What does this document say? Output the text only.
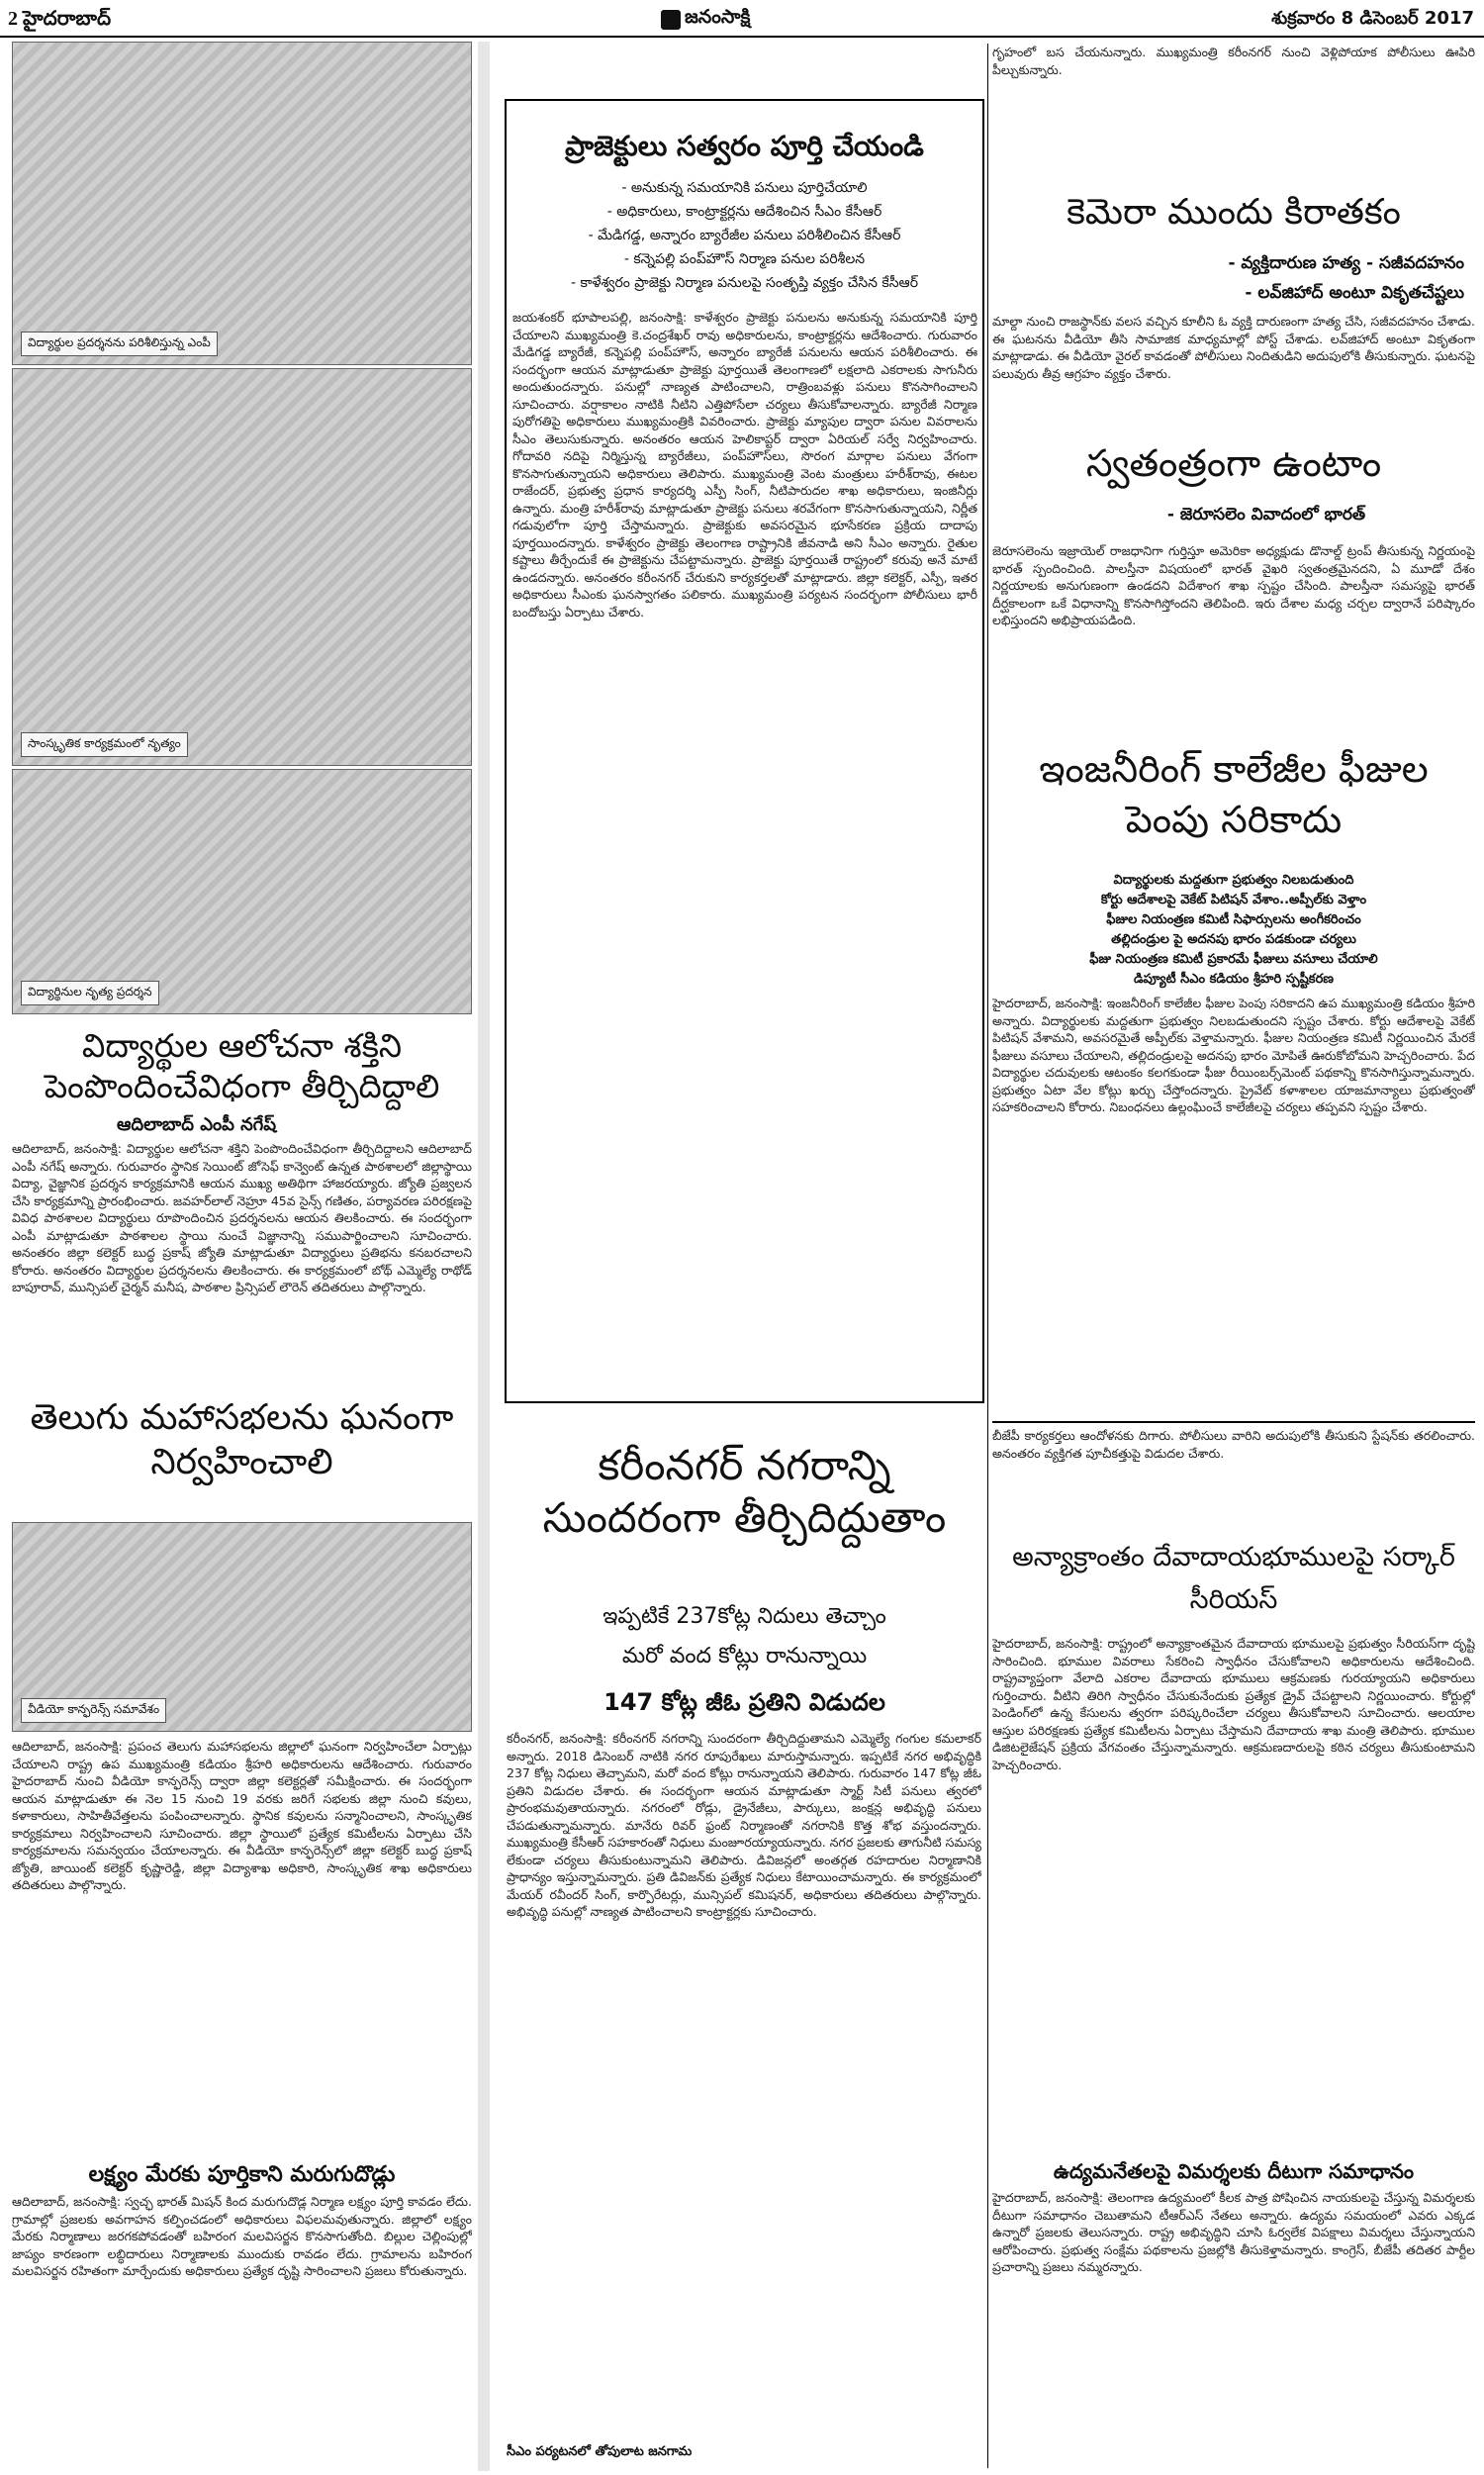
2 హైదరాబాద్	జనంసాక్షి	శుక్రవారం 8 డిసెంబర్ 2017
విద్యార్థుల ప్రదర్శనను పరిశీలిస్తున్న ఎంపీ
సాంస్కృతిక కార్యక్రమంలో నృత్యం
విద్యార్థినుల నృత్య ప్రదర్శన
విద్యార్థుల ఆలోచనా శక్తిని పెంపొందించేవిధంగా తీర్చిదిద్దాలి
ఆదిలాబాద్ ఎంపీ నగేష్
ఆదిలాబాద్, జనంసాక్షి: విద్యార్థుల ఆలోచనా శక్తిని పెంపొందించేవిధంగా తీర్చిదిద్దాలని ఆదిలాబాద్ ఎంపీ నగేష్ అన్నారు. గురువారం స్థానిక సెయింట్ జోసెఫ్ కాన్వెంట్ ఉన్నత పాఠశాలలో జిల్లాస్థాయి విద్యా, వైజ్ఞానిక ప్రదర్శన కార్యక్రమానికి ఆయన ముఖ్య అతిథిగా హాజరయ్యారు. జ్యోతి ప్రజ్వలన చేసి కార్యక్రమాన్ని ప్రారంభించారు. జవహర్‌లాల్ నెహ్రూ 45వ సైన్స్ గణితం, పర్యావరణ పరిరక్షణపై వివిధ పాఠశాలల విద్యార్థులు రూపొందించిన ప్రదర్శనలను ఆయన తిలకించారు. ఈ సందర్భంగా ఎంపీ మాట్లాడుతూ పాఠశాలల స్థాయి నుంచే విజ్ఞానాన్ని సముపార్జించాలని సూచించారు. అనంతరం జిల్లా కలెక్టర్ బుద్ధ ప్రకాష్ జ్యోతి మాట్లాడుతూ విద్యార్థులు ప్రతిభను కనబరచాలని కోరారు. అనంతరం విద్యార్థుల ప్రదర్శనలను తిలకించారు. ఈ కార్యక్రమంలో బోథ్ ఎమ్మెల్యే రాథోడ్ బాపూరావ్, మున్సిపల్ చైర్మన్ మనీష, పాఠశాల ప్రిన్సిపల్ లౌరెన్ తదితరులు పాల్గొన్నారు.
తెలుగు మహాసభలను ఘనంగా నిర్వహించాలి
వీడియో కాన్ఫరెన్స్ సమావేశం
ఆదిలాబాద్, జనంసాక్షి: ప్రపంచ తెలుగు మహాసభలను జిల్లాలో ఘనంగా నిర్వహించేలా ఏర్పాట్లు చేయాలని రాష్ట్ర ఉప ముఖ్యమంత్రి కడియం శ్రీహరి అధికారులను ఆదేశించారు. గురువారం హైదరాబాద్ నుంచి వీడియో కాన్ఫరెన్స్ ద్వారా జిల్లా కలెక్టర్లతో సమీక్షించారు. ఈ సందర్భంగా ఆయన మాట్లాడుతూ ఈ నెల 15 నుంచి 19 వరకు జరిగే సభలకు జిల్లా నుంచి కవులు, కళాకారులు, సాహితీవేత్తలను పంపించాలన్నారు. స్థానిక కవులను సన్మానించాలని, సాంస్కృతిక కార్యక్రమాలు నిర్వహించాలని సూచించారు. జిల్లా స్థాయిలో ప్రత్యేక కమిటీలను ఏర్పాటు చేసి కార్యక్రమాలను సమన్వయం చేయాలన్నారు. ఈ వీడియో కాన్ఫరెన్స్‌లో జిల్లా కలెక్టర్ బుద్ధ ప్రకాష్ జ్యోతి, జాయింట్ కలెక్టర్ కృష్ణారెడ్డి, జిల్లా విద్యాశాఖ అధికారి, సాంస్కృతిక శాఖ అధికారులు తదితరులు పాల్గొన్నారు.
లక్ష్యం మేరకు పూర్తికాని మరుగుదొడ్లు
ఆదిలాబాద్, జనంసాక్షి: స్వచ్ఛ భారత్ మిషన్ కింద మరుగుదొడ్ల నిర్మాణ లక్ష్యం పూర్తి కావడం లేదు. గ్రామాల్లో ప్రజలకు అవగాహన కల్పించడంలో అధికారులు విఫలమవుతున్నారు. జిల్లాలో లక్ష్యం మేరకు నిర్మాణాలు జరగకపోవడంతో బహిరంగ మలవిసర్జన కొనసాగుతోంది. బిల్లుల చెల్లింపుల్లో జాప్యం కారణంగా లబ్ధిదారులు నిర్మాణాలకు ముందుకు రావడం లేదు. గ్రామాలను బహిరంగ మలవిసర్జన రహితంగా మార్చేందుకు అధికారులు ప్రత్యేక దృష్టి సారించాలని ప్రజలు కోరుతున్నారు.
ప్రాజెక్టులు సత్వరం పూర్తి చేయండి
- అనుకున్న సమయానికి పనులు పూర్తిచేయాలి
- అధికారులు, కాంట్రాక్టర్లను ఆదేశించిన సీఎం కేసీఆర్
- మేడిగడ్డ, అన్నారం బ్యారేజీల పనులు పరిశీలించిన కేసీఆర్
- కన్నెపల్లి పంప్‌హౌస్ నిర్మాణ పనుల పరిశీలన
- కాళేశ్వరం ప్రాజెక్టు నిర్మాణ పనులపై సంతృప్తి వ్యక్తం చేసిన కేసీఆర్
జయశంకర్ భూపాలపల్లి, జనంసాక్షి: కాళేశ్వరం ప్రాజెక్టు పనులను అనుకున్న సమయానికి పూర్తి చేయాలని ముఖ్యమంత్రి కె.చంద్రశేఖర్ రావు అధికారులను, కాంట్రాక్టర్లను ఆదేశించారు. గురువారం మేడిగడ్డ బ్యారేజీ, కన్నెపల్లి పంప్‌హౌస్, అన్నారం బ్యారేజీ పనులను ఆయన పరిశీలించారు. ఈ సందర్భంగా ఆయన మాట్లాడుతూ ప్రాజెక్టు పూర్తయితే తెలంగాణలో లక్షలాది ఎకరాలకు సాగునీరు అందుతుందన్నారు. పనుల్లో నాణ్యత పాటించాలని, రాత్రింబవళ్లు పనులు కొనసాగించాలని సూచించారు. వర్షాకాలం నాటికి నీటిని ఎత్తిపోసేలా చర్యలు తీసుకోవాలన్నారు. బ్యారేజీ నిర్మాణ పురోగతిపై అధికారులు ముఖ్యమంత్రికి వివరించారు. ప్రాజెక్టు మ్యాపుల ద్వారా పనుల వివరాలను సీఎం తెలుసుకున్నారు. అనంతరం ఆయన హెలికాప్టర్ ద్వారా ఏరియల్ సర్వే నిర్వహించారు. గోదావరి నదిపై నిర్మిస్తున్న బ్యారేజీలు, పంప్‌హౌస్‌లు, సొరంగ మార్గాల పనులు వేగంగా కొనసాగుతున్నాయని అధికారులు తెలిపారు. ముఖ్యమంత్రి వెంట మంత్రులు హరీశ్‌రావు, ఈటల రాజేందర్, ప్రభుత్వ ప్రధాన కార్యదర్శి ఎస్పీ సింగ్, నీటిపారుదల శాఖ అధికారులు, ఇంజినీర్లు ఉన్నారు. మంత్రి హరీశ్‌రావు మాట్లాడుతూ ప్రాజెక్టు పనులు శరవేగంగా కొనసాగుతున్నాయని, నిర్ణీత గడువులోగా పూర్తి చేస్తామన్నారు. ప్రాజెక్టుకు అవసరమైన భూసేకరణ ప్రక్రియ దాదాపు పూర్తయిందన్నారు. కాళేశ్వరం ప్రాజెక్టు తెలంగాణ రాష్ట్రానికి జీవనాడి అని సీఎం అన్నారు. రైతుల కష్టాలు తీర్చేందుకే ఈ ప్రాజెక్టును చేపట్టామన్నారు. ప్రాజెక్టు పూర్తయితే రాష్ట్రంలో కరువు అనే మాటే ఉండదన్నారు. అనంతరం కరీంనగర్ చేరుకుని కార్యకర్తలతో మాట్లాడారు. జిల్లా కలెక్టర్, ఎస్పీ, ఇతర అధికారులు సీఎంకు ఘనస్వాగతం పలికారు. ముఖ్యమంత్రి పర్యటన సందర్భంగా పోలీసులు భారీ బందోబస్తు ఏర్పాటు చేశారు.
కరీంనగర్ నగరాన్ని సుందరంగా తీర్చిదిద్దుతాం
ఇప్పటికే 237కోట్ల నిదులు తెచ్చాం
మరో వంద కోట్లు రానున్నాయి
147 కోట్ల జీఓ ప్రతిని విడుదల
కరీంనగర్, జనంసాక్షి: కరీంనగర్ నగరాన్ని సుందరంగా తీర్చిదిద్దుతామని ఎమ్మెల్యే గంగుల కమలాకర్ అన్నారు. 2018 డిసెంబర్ నాటికి నగర రూపురేఖలు మారుస్తామన్నారు. ఇప్పటికే నగర అభివృద్ధికి 237 కోట్ల నిధులు తెచ్చామని, మరో వంద కోట్లు రానున్నాయని తెలిపారు. గురువారం 147 కోట్ల జీఓ ప్రతిని విడుదల చేశారు. ఈ సందర్భంగా ఆయన మాట్లాడుతూ స్మార్ట్ సిటీ పనులు త్వరలో ప్రారంభమవుతాయన్నారు. నగరంలో రోడ్లు, డ్రైనేజీలు, పార్కులు, జంక్షన్ల అభివృద్ధి పనులు చేపడుతున్నామన్నారు. మానేరు రివర్ ఫ్రంట్ నిర్మాణంతో నగరానికి కొత్త శోభ వస్తుందన్నారు. ముఖ్యమంత్రి కేసీఆర్ సహకారంతో నిధులు మంజూరయ్యాయన్నారు. నగర ప్రజలకు తాగునీటి సమస్య లేకుండా చర్యలు తీసుకుంటున్నామని తెలిపారు. డివిజన్లలో అంతర్గత రహదారుల నిర్మాణానికి ప్రాధాన్యం ఇస్తున్నామన్నారు. ప్రతి డివిజన్‌కు ప్రత్యేక నిధులు కేటాయించామన్నారు. ఈ కార్యక్రమంలో మేయర్ రవీందర్ సింగ్, కార్పొరేటర్లు, మున్సిపల్ కమిషనర్, అధికారులు తదితరులు పాల్గొన్నారు. అభివృద్ధి పనుల్లో నాణ్యత పాటించాలని కాంట్రాక్టర్లకు సూచించారు.
సీఎం పర్యటనలో తోపులాట జనగామ
గృహంలో బస చేయనున్నారు. ముఖ్యమంత్రి కరీంనగర్ నుంచి వెళ్లిపోయాక పోలీసులు ఊపిరి పీల్చుకున్నారు.
కెమెరా ముందు కిరాతకం
- వ్యక్తిదారుణ హత్య - సజీవదహనం
- లవ్‌జిహాద్ అంటూ వికృతచేష్టలు
మాల్దా నుంచి రాజస్థాన్‌కు వలస వచ్చిన కూలీని ఓ వ్యక్తి దారుణంగా హత్య చేసి, సజీవదహనం చేశాడు. ఈ ఘటనను వీడియో తీసి సామాజిక మాధ్యమాల్లో పోస్ట్ చేశాడు. లవ్‌జిహాద్ అంటూ వికృతంగా మాట్లాడాడు. ఈ వీడియో వైరల్ కావడంతో పోలీసులు నిందితుడిని అదుపులోకి తీసుకున్నారు. ఘటనపై పలువురు తీవ్ర ఆగ్రహం వ్యక్తం చేశారు.
స్వతంత్రంగా ఉంటాం
- జెరూసలెం వివాదంలో భారత్
జెరూసలెంను ఇజ్రాయెల్ రాజధానిగా గుర్తిస్తూ అమెరికా అధ్యక్షుడు డొనాల్డ్ ట్రంప్ తీసుకున్న నిర్ణయంపై భారత్ స్పందించింది. పాలస్తీనా విషయంలో భారత్ వైఖరి స్వతంత్రమైనదని, ఏ మూడో దేశం నిర్ణయాలకు అనుగుణంగా ఉండదని విదేశాంగ శాఖ స్పష్టం చేసింది. పాలస్తీనా సమస్యపై భారత్ దీర్ఘకాలంగా ఒకే విధానాన్ని కొనసాగిస్తోందని తెలిపింది. ఇరు దేశాల మధ్య చర్చల ద్వారానే పరిష్కారం లభిస్తుందని అభిప్రాయపడింది.
ఇంజనీరింగ్ కాలేజీల ఫీజుల పెంపు సరికాదు
విద్యార్థులకు మద్దతుగా ప్రభుత్వం నిలబడుతుంది
కోర్టు ఆదేశాలపై వెకేట్ పిటిషన్ వేశాం..అప్పీల్‌కు వెళ్తాం
ఫీజుల నియంత్రణ కమిటీ సిఫార్సులను అంగీకరించం
తల్లిదండ్రుల పై అదనపు భారం పడకుండా చర్యలు
ఫీజు నియంత్రణ కమిటీ ప్రకారమే ఫీజులు వసూలు చేయాలి
డిప్యూటీ సీఎం కడియం శ్రీహరి స్పష్టీకరణ
హైదరాబాద్, జనంసాక్షి: ఇంజనీరింగ్ కాలేజీల ఫీజుల పెంపు సరికాదని ఉప ముఖ్యమంత్రి కడియం శ్రీహరి అన్నారు. విద్యార్థులకు మద్దతుగా ప్రభుత్వం నిలబడుతుందని స్పష్టం చేశారు. కోర్టు ఆదేశాలపై వెకేట్ పిటిషన్ వేశామని, అవసరమైతే అప్పీల్‌కు వెళ్తామన్నారు. ఫీజుల నియంత్రణ కమిటీ నిర్ణయించిన మేరకే ఫీజులు వసూలు చేయాలని, తల్లిదండ్రులపై అదనపు భారం మోపితే ఊరుకోబోమని హెచ్చరించారు. పేద విద్యార్థుల చదువులకు ఆటంకం కలగకుండా ఫీజు రీయింబర్స్‌మెంట్ పథకాన్ని కొనసాగిస్తున్నామన్నారు. ప్రభుత్వం ఏటా వేల కోట్లు ఖర్చు చేస్తోందన్నారు. ప్రైవేట్ కళాశాలల యాజమాన్యాలు ప్రభుత్వంతో సహకరించాలని కోరారు. నిబంధనలు ఉల్లంఘించే కాలేజీలపై చర్యలు తప్పవని స్పష్టం చేశారు.
బీజేపీ కార్యకర్తలు ఆందోళనకు దిగారు. పోలీసులు వారిని అదుపులోకి తీసుకుని స్టేషన్‌కు తరలించారు. అనంతరం వ్యక్తిగత పూచీకత్తుపై విడుదల చేశారు.
అన్యాక్రాంతం దేవాదాయభూములపై సర్కార్ సీరియస్
హైదరాబాద్, జనంసాక్షి: రాష్ట్రంలో అన్యాక్రాంతమైన దేవాదాయ భూములపై ప్రభుత్వం సీరియస్‌గా దృష్టి సారించింది. భూముల వివరాలు సేకరించి స్వాధీనం చేసుకోవాలని అధికారులను ఆదేశించింది. రాష్ట్రవ్యాప్తంగా వేలాది ఎకరాల దేవాదాయ భూములు ఆక్రమణకు గురయ్యాయని అధికారులు గుర్తించారు. వీటిని తిరిగి స్వాధీనం చేసుకునేందుకు ప్రత్యేక డ్రైవ్ చేపట్టాలని నిర్ణయించారు. కోర్టుల్లో పెండింగ్‌లో ఉన్న కేసులను త్వరగా పరిష్కరించేలా చర్యలు తీసుకోవాలని సూచించారు. ఆలయాల ఆస్తుల పరిరక్షణకు ప్రత్యేక కమిటీలను ఏర్పాటు చేస్తామని దేవాదాయ శాఖ మంత్రి తెలిపారు. భూముల డిజిటలైజేషన్ ప్రక్రియ వేగవంతం చేస్తున్నామన్నారు. ఆక్రమణదారులపై కఠిన చర్యలు తీసుకుంటామని హెచ్చరించారు.
ఉద్యమనేతలపై విమర్శలకు దీటుగా సమాధానం
హైదరాబాద్, జనంసాక్షి: తెలంగాణ ఉద్యమంలో కీలక పాత్ర పోషించిన నాయకులపై చేస్తున్న విమర్శలకు దీటుగా సమాధానం చెబుతామని టీఆర్ఎస్ నేతలు అన్నారు. ఉద్యమ సమయంలో ఎవరు ఎక్కడ ఉన్నారో ప్రజలకు తెలుసన్నారు. రాష్ట్ర అభివృద్ధిని చూసి ఓర్వలేక విపక్షాలు విమర్శలు చేస్తున్నాయని ఆరోపించారు. ప్రభుత్వ సంక్షేమ పథకాలను ప్రజల్లోకి తీసుకెళ్తామన్నారు. కాంగ్రెస్, బీజేపీ తదితర పార్టీల ప్రచారాన్ని ప్రజలు నమ్మరన్నారు.
